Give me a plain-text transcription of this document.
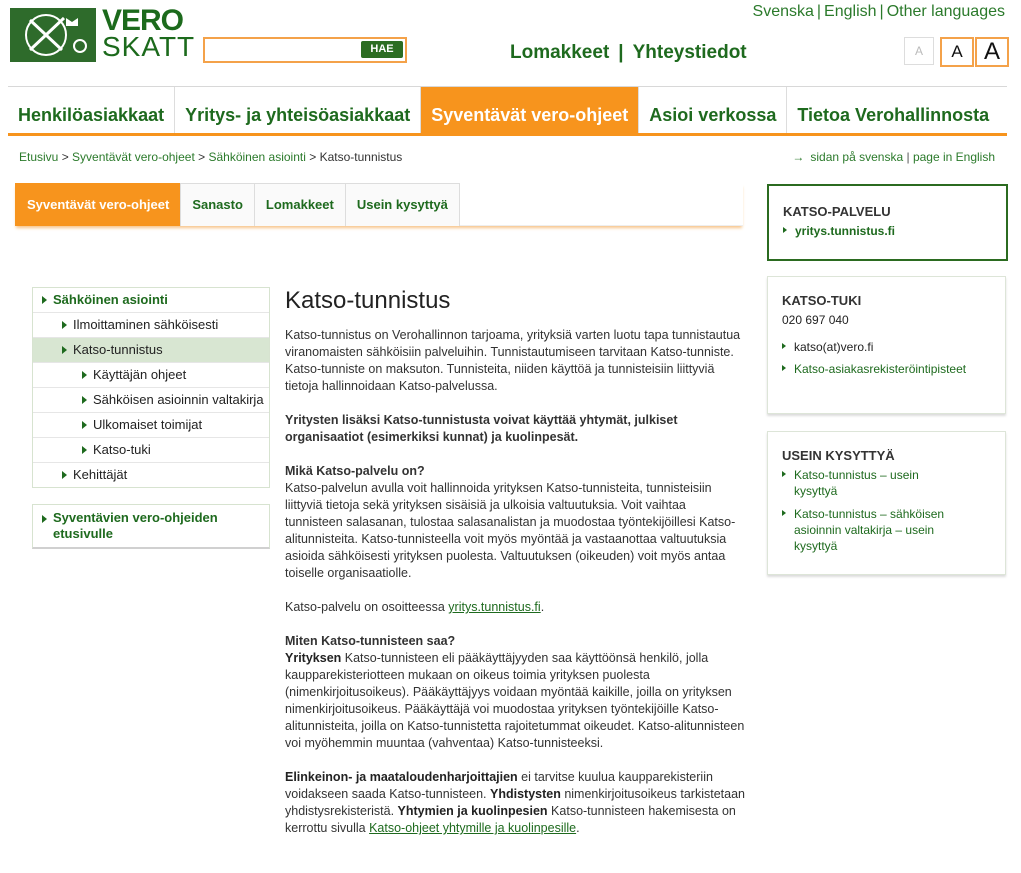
VERO
SKATT	HAE
Svenska | English | Other languages
Lomakkeet | Yhteystiedot	A	A A
Henkilöasiakkaat	Yritys- ja yhteisöasiakkaat	Syventävät vero-ohjeet	Asioi verkossa	Tietoa Verohallinnosta
Etusivu > Syventävät vero-ohjeet > Sähköinen asiointi > Katso-tunnistus	→ sidan på svenska | page in English
Syventävät vero-ohjeet	Sanasto	Lomakkeet	Usein kysyttyä
Sähköinen asiointi
Ilmoittaminen sähköisesti
Katso-tunnistus
Käyttäjän ohjeet
Sähköisen asioinnin valtakirja
Ulkomaiset toimijat
Katso-tuki
Kehittäjät
Syventävien vero-ohjeiden etusivulle
Katso-tunnistus

Katso-tunnistus on Verohallinnon tarjoama, yrityksiä varten luotu tapa tunnistautua viranomaisten sähköisiin palveluihin. Tunnistautumiseen tarvitaan Katso-tunniste. Katso-tunniste on maksuton. Tunnisteita, niiden käyttöä ja tunnisteisiin liittyviä tietoja hallinnoidaan Katso-palvelussa.

Yritysten lisäksi Katso-tunnistusta voivat käyttää yhtymät, julkiset organisaatiot (esimerkiksi kunnat) ja kuolinpesät.

Mikä Katso-palvelu on?

Katso-palvelun avulla voit hallinnoida yrityksen Katso-tunnisteita, tunnisteisiin liittyviä tietoja sekä yrityksen sisäisiä ja ulkoisia valtuutuksia. Voit vaihtaa tunnisteen salasanan, tulostaa salasanalistan ja muodostaa työntekijöillesi Katso-alitunnisteita. Katso-tunnisteella voit myös myöntää ja vastaanottaa valtuutuksia asioida sähköisesti yrityksen puolesta. Valtuutuksen (oikeuden) voit myös antaa toiselle organisaatiolle.

Katso-palvelu on osoitteessa yritys.tunnistus.fi.

Miten Katso-tunnisteen saa?

Yrityksen Katso-tunnisteen eli pääkäyttäjyyden saa käyttöönsä henkilö, jolla kaupparekisteriotteen mukaan on oikeus toimia yrityksen puolesta (nimenkirjoitusoikeus). Pääkäyttäjyys voidaan myöntää kaikille, joilla on yrityksen nimenkirjoitusoikeus. Pääkäyttäjä voi muodostaa yrityksen työntekijöille Katso-alitunnisteita, joilla on Katso-tunnistetta rajoitetummat oikeudet. Katso-alitunnisteen voi myöhemmin muuntaa (vahventaa) Katso-tunnisteeksi.

Elinkeinon- ja maataloudenharjoittajien ei tarvitse kuulua kaupparekisteriin voidakseen saada Katso-tunnisteen. Yhdistysten nimenkirjoitusoikeus tarkistetaan yhdistysrekisteristä. Yhtymien ja kuolinpesien Katso-tunnisteen hakemisesta on kerrottu sivulla Katso-ohjeet yhtymille ja kuolinpesille.

KATSO-PALVELU
yritys.tunnistus.fi
KATSO-TUKI
020 697 040
katso(at)vero.fi
Katso-asiakasrekisteröintipisteet
USEIN KYSYTTYÄ
Katso-tunnistus – usein kysyttyä
Katso-tunnistus – sähköisen asioinnin valtakirja – usein kysyttyä
